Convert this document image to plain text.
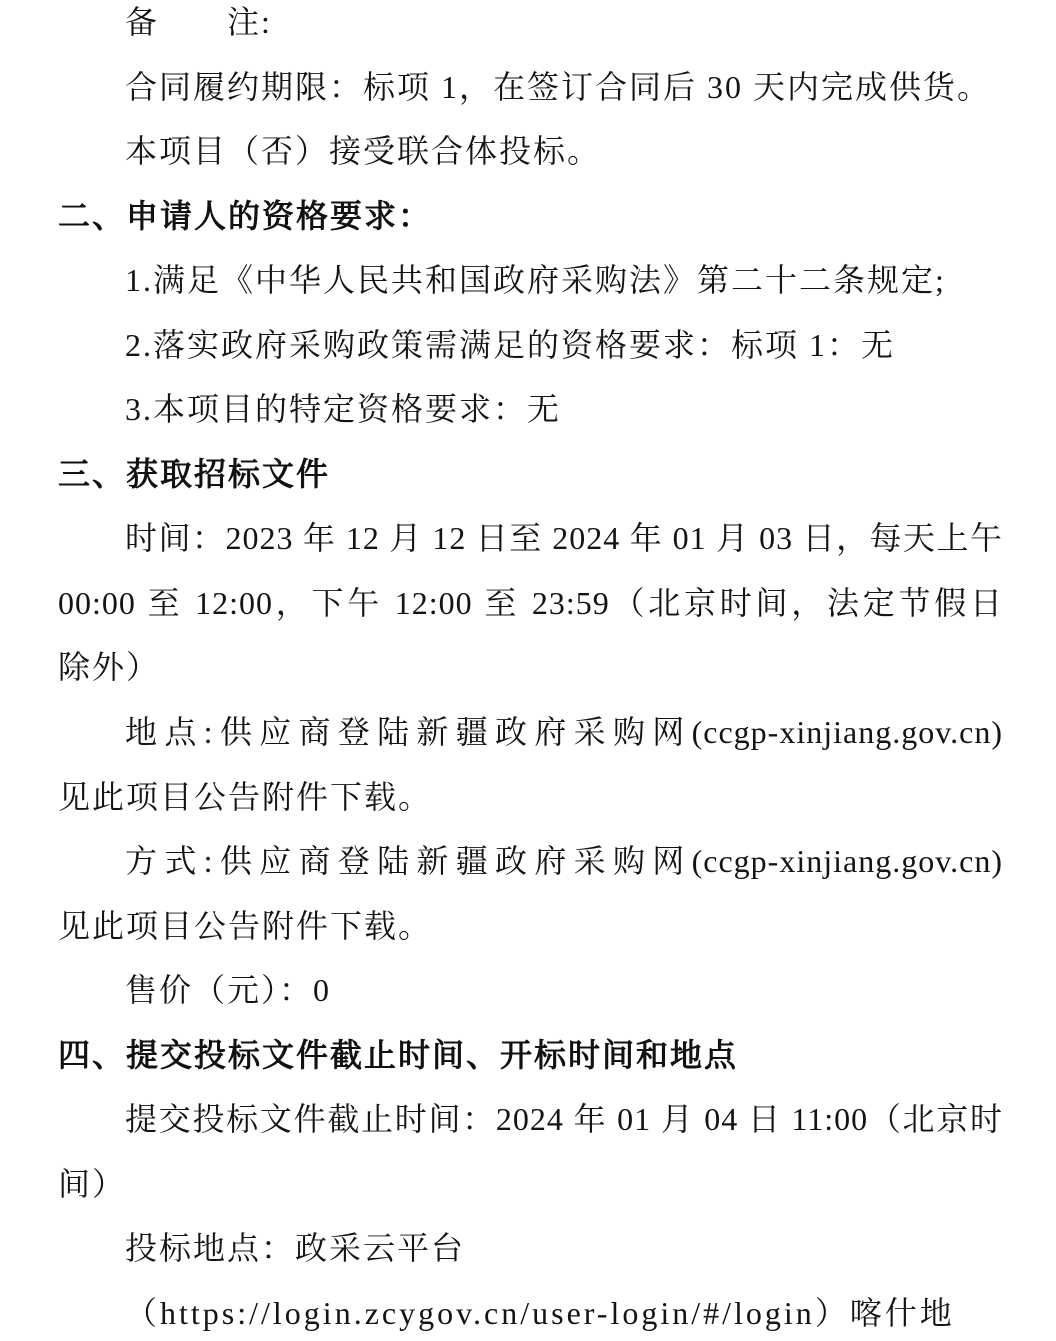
备　　注:
合同履约期限：标项 1，在签订合同后 30 天内完成供货。
本项目（否）接受联合体投标。
二、申请人的资格要求：
1.满足《中华人民共和国政府采购法》第二十二条规定;
2.落实政府采购政策需满足的资格要求：标项 1：无
3.本项目的特定资格要求：无
三、获取招标文件
时间：2023 年 12 月 12 日至 2024 年 01 月 03 日，每天上午
00:00 至 12:00，下午 12:00 至 23:59（北京时间，法定节假日
除外）
地点:供应商登陆新疆政府采购网(ccgp-xinjiang.gov.cn)
见此项目公告附件下载。
方式:供应商登陆新疆政府采购网(ccgp-xinjiang.gov.cn)
见此项目公告附件下载。
售价（元）：0
四、提交投标文件截止时间、开标时间和地点
提交投标文件截止时间：2024 年 01 月 04 日 11:00（北京时
间）
投标地点：政采云平台
（https://login.zcygov.cn/user-login/#/login）喀什地
